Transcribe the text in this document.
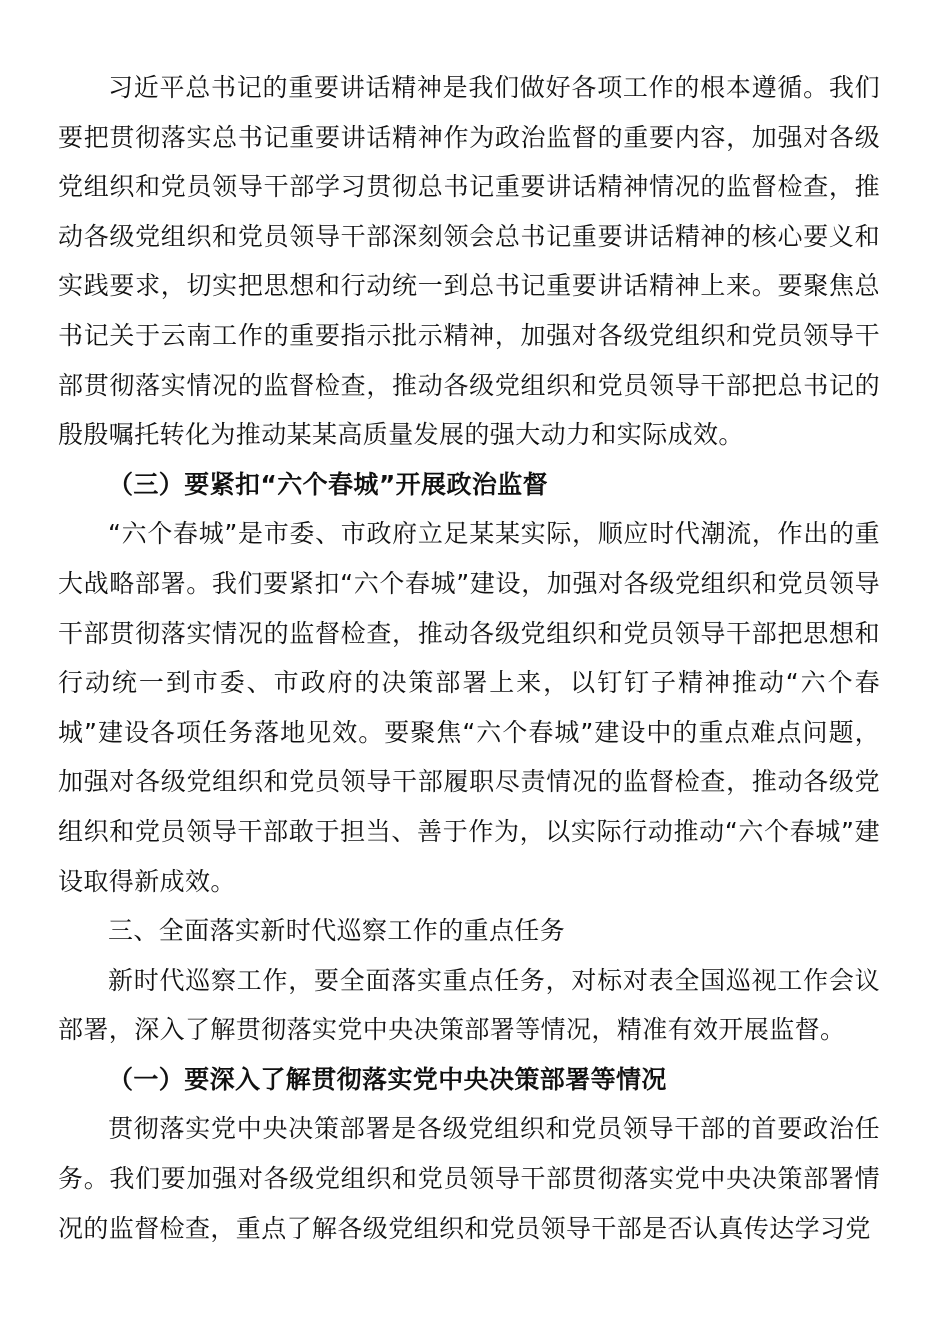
习近平总书记的重要讲话精神是我们做好各项工作的根本遵循。我们要把贯彻落实总书记重要讲话精神作为政治监督的重要内容，加强对各级党组织和党员领导干部学习贯彻总书记重要讲话精神情况的监督检查，推动各级党组织和党员领导干部深刻领会总书记重要讲话精神的核心要义和实践要求，切实把思想和行动统一到总书记重要讲话精神上来。要聚焦总书记关于云南工作的重要指示批示精神，加强对各级党组织和党员领导干部贯彻落实情况的监督检查，推动各级党组织和党员领导干部把总书记的殷殷嘱托转化为推动某某高质量发展的强大动力和实际成效。

（三）要紧扣“六个春城”开展政治监督

“六个春城”是市委、市政府立足某某实际，顺应时代潮流，作出的重大战略部署。我们要紧扣“六个春城”建设，加强对各级党组织和党员领导干部贯彻落实情况的监督检查，推动各级党组织和党员领导干部把思想和行动统一到市委、市政府的决策部署上来，以钉钉子精神推动“六个春城”建设各项任务落地见效。要聚焦“六个春城”建设中的重点难点问题，加强对各级党组织和党员领导干部履职尽责情况的监督检查，推动各级党组织和党员领导干部敢于担当、善于作为，以实际行动推动“六个春城”建设取得新成效。

三、全面落实新时代巡察工作的重点任务

新时代巡察工作，要全面落实重点任务，对标对表全国巡视工作会议部署，深入了解贯彻落实党中央决策部署等情况，精准有效开展监督。

（一）要深入了解贯彻落实党中央决策部署等情况

贯彻落实党中央决策部署是各级党组织和党员领导干部的首要政治任务。我们要加强对各级党组织和党员领导干部贯彻落实党中央决策部署情况的监督检查，重点了解各级党组织和党员领导干部是否认真传达学习党
